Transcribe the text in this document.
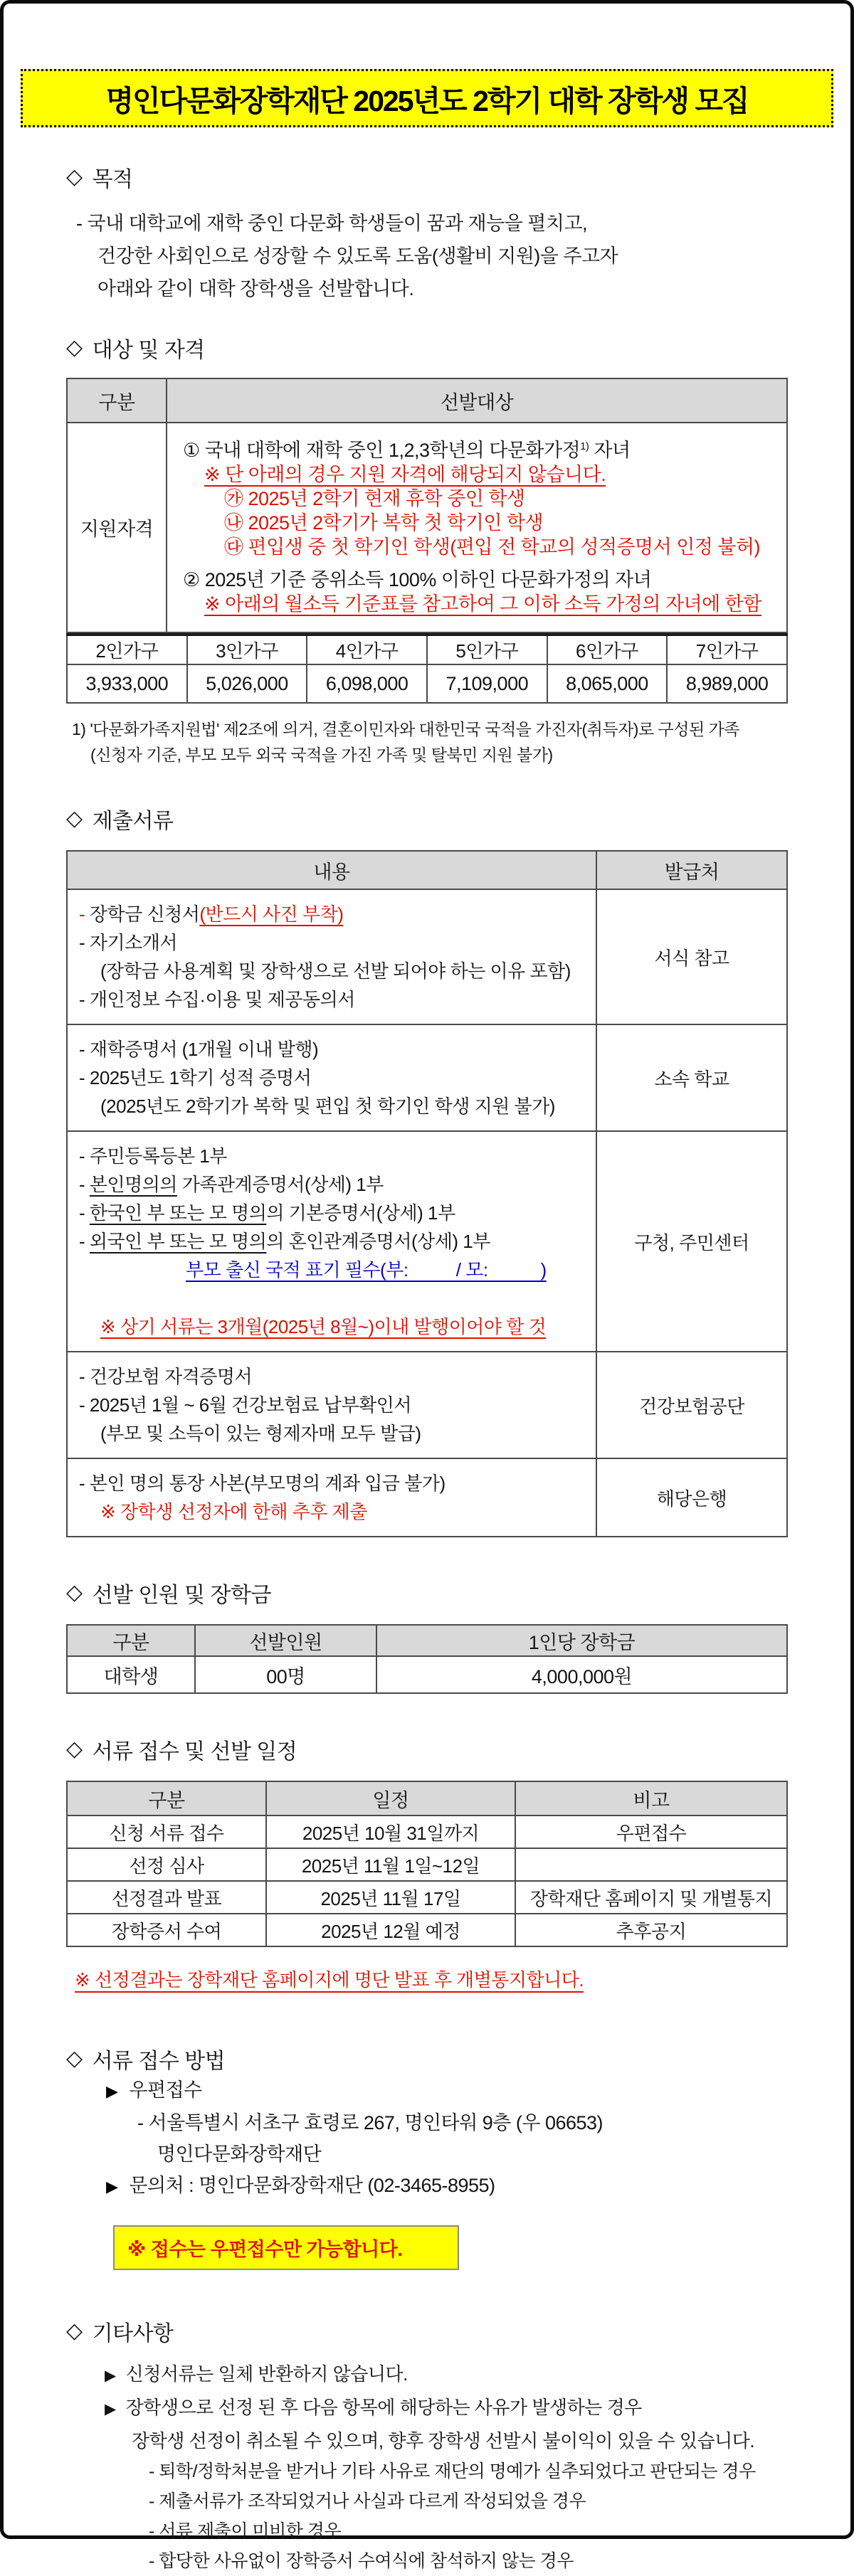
명인다문화장학재단 2025년도 2학기 대학 장학생 모집
◇ 목적
- 국내 대학교에 재학 중인 다문화 학생들이 꿈과 재능을 펼치고,
건강한 사회인으로 성장할 수 있도록 도움(생활비 지원)을 주고자
아래와 같이 대학 장학생을 선발합니다.
◇ 대상 및 자격
구분	선발대상
지원자격	
① 국내 대학에 재학 중인 1,2,3학년의 다문화가정$^{1)}$ 자녀
※ 단 아래의 경우 지원 자격에 해당되지 않습니다.
㉮ 2025년 2학기 현재 휴학 중인 학생
㉯ 2025년 2학기가 복학 첫 학기인 학생
㉰ 편입생 중 첫 학기인 학생(편입 전 학교의 성적증명서 인정 불허)
② 2025년 기준 중위소득 100% 이하인 다문화가정의 자녀
※ 아래의 월소득 기준표를 참고하여 그 이하 소득 가정의 자녀에 한함
2인가구	3인가구	4인가구	5인가구	6인가구	7인가구
3,933,000	5,026,000	6,098,000	7,109,000	8,065,000	8,989,000
1) '다문화가족지원법' 제2조에 의거, 결혼이민자와 대한민국 국적을 가진자(취득자)로 구성된 가족
(신청자 기준, 부모 모두 외국 국적을 가진 가족 및 탈북민 지원 불가)
◇ 제출서류
내용	발급처

- 장학금 신청서(반드시 사진 부착)
- 자기소개서
(장학금 사용계획 및 장학생으로 선발 되어야 하는 이유 포함)
- 개인정보 수집·이용 및 제공동의서	서식 참고

- 재학증명서 (1개월 이내 발행)
- 2025년도 1학기 성적 증명서
(2025년도 2학기가 복학 및 편입 첫 학기인 학생 지원 불가)	소속 학교

- 주민등록등본 1부
- 본인명의의 가족관계증명서(상세) 1부
- 한국인 부 또는 모 명의의 기본증명서(상세) 1부
- 외국인 부 또는 모 명의의 혼인관계증명서(상세) 1부
부모 출신 국적 표기 필수(부:          / 모:           )
※ 상기 서류는 3개월(2025년 8월~)이내 발행이어야 할 것
	구청, 주민센터

- 건강보험 자격증명서
- 2025년 1월 ~ 6월 건강보험료 납부확인서
(부모 및 소득이 있는 형제자매 모두 발급)	건강보험공단

- 본인 명의 통장 사본(부모명의 계좌 입금 불가)
※ 장학생 선정자에 한해 추후 제출	해당은행
◇ 선발 인원 및 장학금
구분	선발인원	1인당 장학금
대학생	00명	4,000,000원
◇ 서류 접수 및 선발 일정
구분	일정	비고
신청 서류 접수	2025년 10월 31일까지	우편접수
선정 심사	2025년 11월 1일~12일	
선정결과 발표	2025년 11월 17일	장학재단 홈페이지 및 개별통지
장학증서 수여	2025년 12월 예정	추후공지
※ 선정결과는 장학재단 홈페이지에 명단 발표 후 개별통지합니다.
◇ 서류 접수 방법
▶ 우편접수
- 서울특별시 서초구 효령로 267, 명인타워 9층 (우 06653)
명인다문화장학재단
▶ 문의처 : 명인다문화장학재단 (02-3465-8955)
※ 접수는 우편접수만 가능합니다.
◇ 기타사항
▶ 신청서류는 일체 반환하지 않습니다.
▶ 장학생으로 선정 된 후 다음 항목에 해당하는 사유가 발생하는 경우
장학생 선정이 취소될 수 있으며, 향후 장학생 선발시 불이익이 있을 수 있습니다.
- 퇴학/정학처분을 받거나 기타 사유로 재단의 명예가 실추되었다고 판단되는 경우
- 제출서류가 조작되었거나 사실과 다르게 작성되었을 경우
- 서류 제출이 미비한 경우
- 합당한 사유없이 장학증서 수여식에 참석하지 않는 경우
